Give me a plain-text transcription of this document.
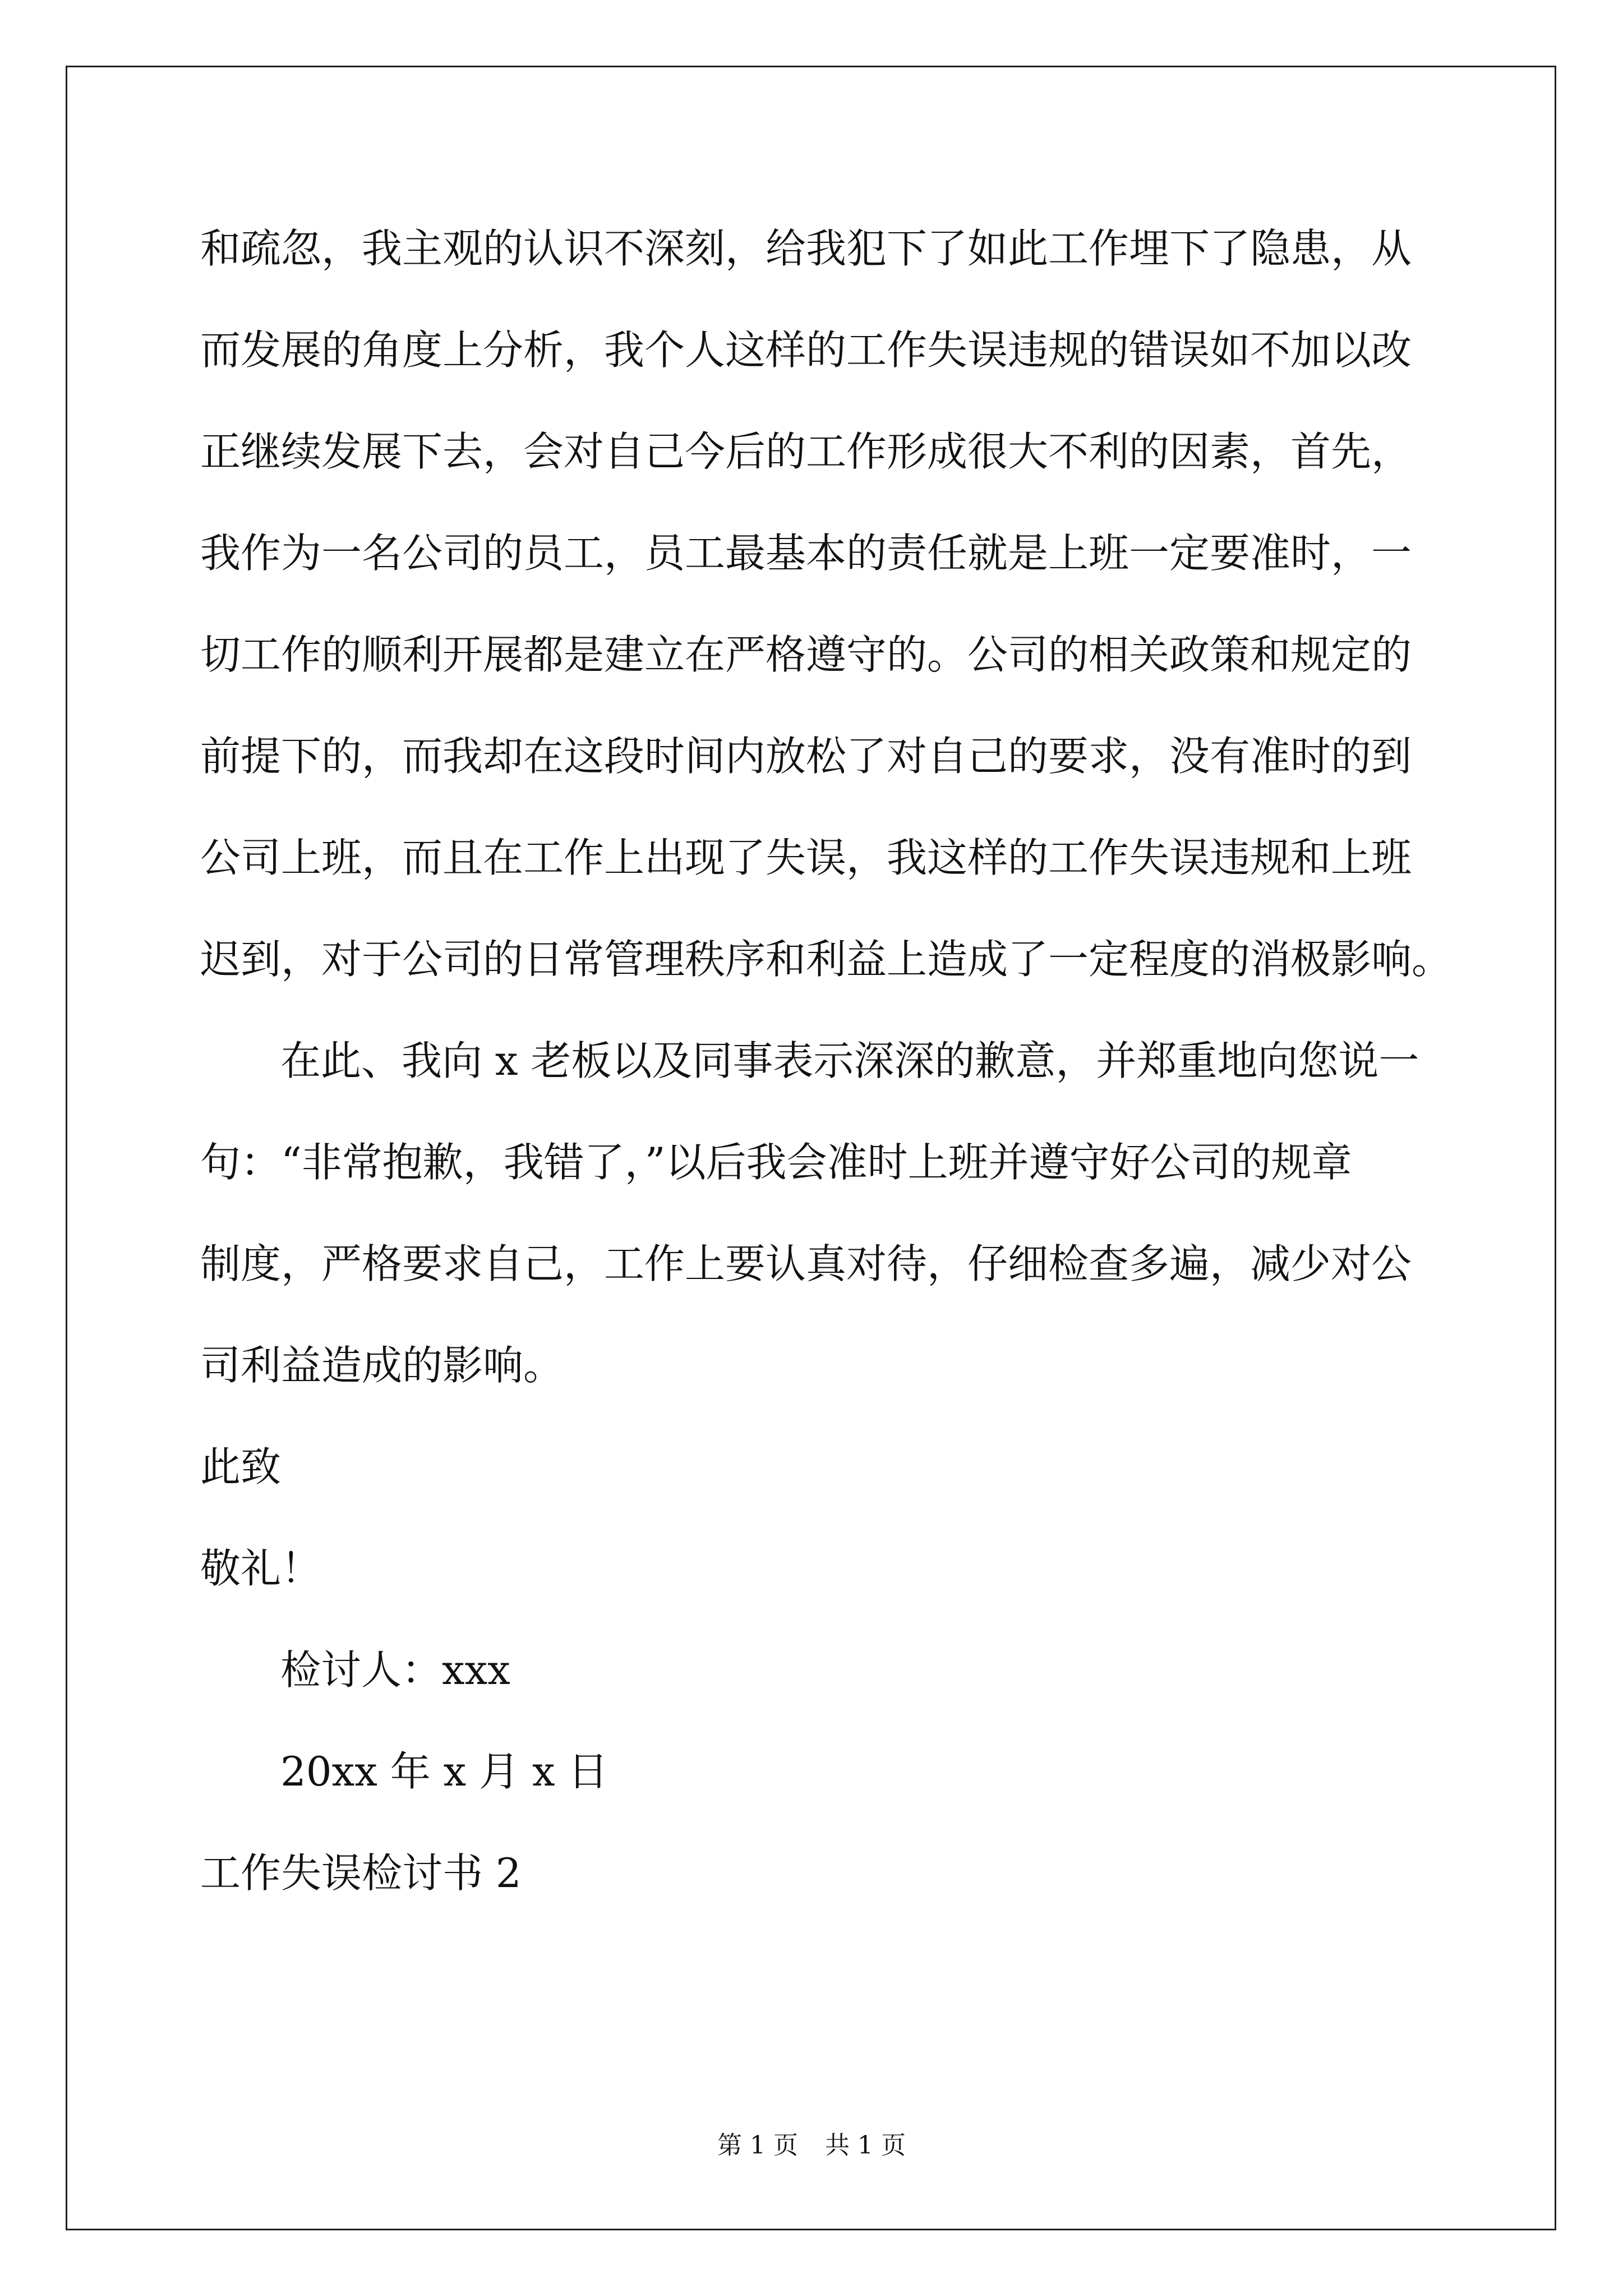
和疏忽，我主观的认识不深刻，给我犯下了如此工作埋下了隐患，从
而发展的角度上分析，我个人这样的工作失误违规的错误如不加以改
正继续发展下去，会对自己今后的工作形成很大不利的因素，首先，
我作为一名公司的员工，员工最基本的责任就是上班一定要准时，一
切工作的顺利开展都是建立在严格遵守的。公司的相关政策和规定的
前提下的，而我却在这段时间内放松了对自己的要求，没有准时的到
公司上班，而且在工作上出现了失误，我这样的工作失误违规和上班
迟到，对于公司的日常管理秩序和利益上造成了一定程度的消极影响。
在此、我向 x 老板以及同事表示深深的歉意，并郑重地向您说一
句：“非常抱歉，我错了，”以后我会准时上班并遵守好公司的规章
制度，严格要求自己，工作上要认真对待，仔细检查多遍，减少对公
司利益造成的影响。
此致
敬礼！
检讨人：xxx
20xx 年 x 月 x 日
工作失误检讨书 2
第 1 页 共 1 页
